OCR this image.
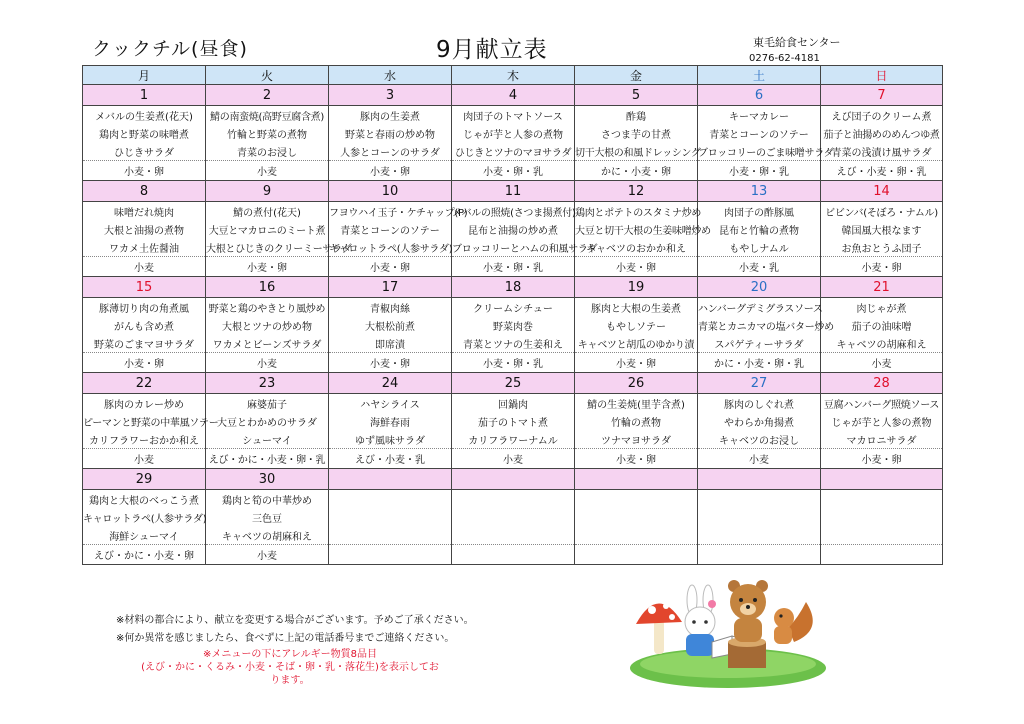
クックチル(昼食)	9月献立表	東毛給食センター
0276-62-4181
月	火	水	木	金	土	日
1	2	3	4	5	6	7
メバルの生姜煮(花天)	鯖の南蛮焼(高野豆腐含煮)	豚肉の生姜煮	肉団子のトマトソース	酢鶏	キーマカレー	えび団子のクリーム煮
鶏肉と野菜の味噌煮	竹輪と野菜の煮物	野菜と春雨の炒め物	じゃが芋と人参の煮物	さつま芋の甘煮	青菜とコーンのソテー	茄子と油揚めのめんつゆ煮
ひじきサラダ	青菜のお浸し	人参とコーンのサラダ	ひじきとツナのマヨサラダ	切干大根の和風ドレッシング	ブロッコリーのごま味噌サラダ	青菜の浅漬け風サラダ
小麦・卵	小麦	小麦・卵	小麦・卵・乳	かに・小麦・卵	小麦・卵・乳	えび・小麦・卵・乳
8	9	10	11	12	13	14
味噌だれ焼肉	鯖の煮付(花天)	フヨウハイ玉子・ケチャップ(P)	メバルの照焼(さつま揚煮付)	鶏肉とポテトのスタミナ炒め	肉団子の酢豚風	ビビンバ(そぼろ・ナムル)
大根と油揚の煮物	大豆とマカロニのミート煮	青菜とコーンのソテー	昆布と油揚の炒め煮	大豆と切干大根の生姜味噌炒め	昆布と竹輪の煮物	韓国風大根なます
ワカメ土佐醤油	大根とひじきのクリーミーサラダ	キャロットラペ(人参サラダ)	ブロッコリーとハムの和風サラダ	キャベツのおかか和え	もやしナムル	お魚おとうふ団子
小麦	小麦・卵	小麦・卵	小麦・卵・乳	小麦・卵	小麦・乳	小麦・卵
15	16	17	18	19	20	21
豚薄切り肉の角煮風	野菜と鶏のやきとり風炒め	青椒肉絲	クリームシチュー	豚肉と大根の生姜煮	ハンバーグデミグラスソース	肉じゃが煮
がんも含め煮	大根とツナの炒め物	大根松前煮	野菜肉巻	もやしソテー	青菜とカニカマの塩バター炒め	茄子の油味噌
野菜のごまマヨサラダ	ワカメとビーンズサラダ	即席漬	青菜とツナの生姜和え	キャベツと胡瓜のゆかり漬	スパゲティーサラダ	キャベツの胡麻和え
小麦・卵	小麦	小麦・卵	小麦・卵・乳	小麦・卵	かに・小麦・卵・乳	小麦
22	23	24	25	26	27	28
豚肉のカレー炒め	麻婆茄子	ハヤシライス	回鍋肉	鯖の生姜焼(里芋含煮)	豚肉のしぐれ煮	豆腐ハンバーグ照焼ソース
ピーマンと野菜の中華風ソテー	大豆とわかめのサラダ	海鮮春雨	茄子のトマト煮	竹輪の煮物	やわらか角揚煮	じゃが芋と人参の煮物
カリフラワーおかか和え	シューマイ	ゆず風味サラダ	カリフラワーナムル	ツナマヨサラダ	キャベツのお浸し	マカロニサラダ
小麦	えび・かに・小麦・卵・乳	えび・小麦・乳	小麦	小麦・卵	小麦	小麦・卵
29	30					
鶏肉と大根のべっこう煮	鶏肉と筍の中華炒め					
キャロットラペ(人参サラダ)	三色豆					
海鮮シューマイ	キャベツの胡麻和え					
えび・かに・小麦・卵	小麦					
※材料の都合により、献立を変更する場合がございます。予めご了承ください。
※何か異常を感じましたら、食べずに上記の電話番号までご連絡ください。
※メニューの下にアレルギー物質8品目
(えび・かに・くるみ・小麦・そば・卵・乳・落花生)を表示しております。
